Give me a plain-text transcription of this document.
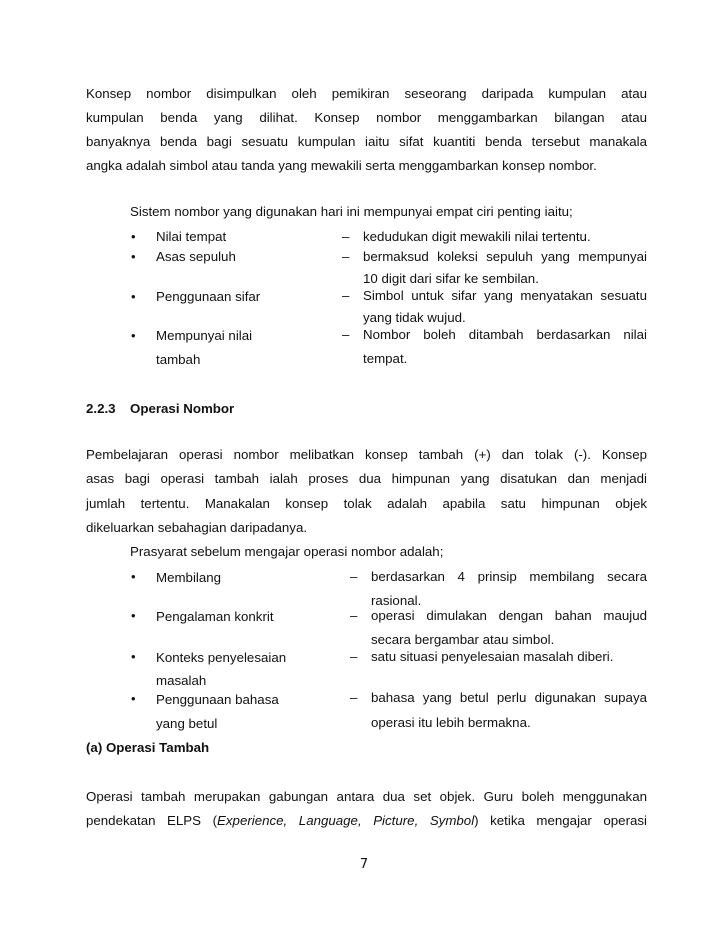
Konsep nombor disimpulkan oleh pemikiran seseorang daripada kumpulan atau

kumpulan benda yang dilihat. Konsep nombor menggambarkan bilangan atau

banyaknya benda bagi sesuatu kumpulan iaitu sifat kuantiti benda tersebut manakala

angka adalah simbol atau tanda yang mewakili serta menggambarkan konsep nombor.

Sistem nombor yang digunakan hari ini mempunyai empat ciri penting iaitu;

• Nilai tempat	– kedudukan digit mewakili nilai tertentu.
• Asas sepuluh	– bermaksud koleksi sepuluh yang mempunyai
10 digit dari sifar ke sembilan.
• Penggunaan sifar	– Simbol untuk sifar yang menyatakan sesuatu
yang tidak wujud.
• Mempunyai nilai
tambah
– Nombor boleh ditambah berdasarkan nilai
tempat.
2.2.3 Operasi Nombor

Pembelajaran operasi nombor melibatkan konsep tambah (+) dan tolak (-). Konsep

asas bagi operasi tambah ialah proses dua himpunan yang disatukan dan menjadi

jumlah tertentu. Manakalan konsep tolak adalah apabila satu himpunan objek

dikeluarkan sebahagian daripadanya.

Prasyarat sebelum mengajar operasi nombor adalah;

• Membilang	– berdasarkan 4 prinsip membilang secara
rasional.
• Pengalaman konkrit	– operasi dimulakan dengan bahan maujud
secara bergambar atau simbol.
• Konteks penyelesaian
masalah
– satu situasi penyelesaian masalah diberi.
• Penggunaan bahasa
yang betul
– bahasa yang betul perlu digunakan supaya
operasi itu lebih bermakna.
(a) Operasi Tambah

Operasi tambah merupakan gabungan antara dua set objek. Guru boleh menggunakan

pendekatan ELPS (Experience, Language, Picture, Symbol) ketika mengajar operasi

7
